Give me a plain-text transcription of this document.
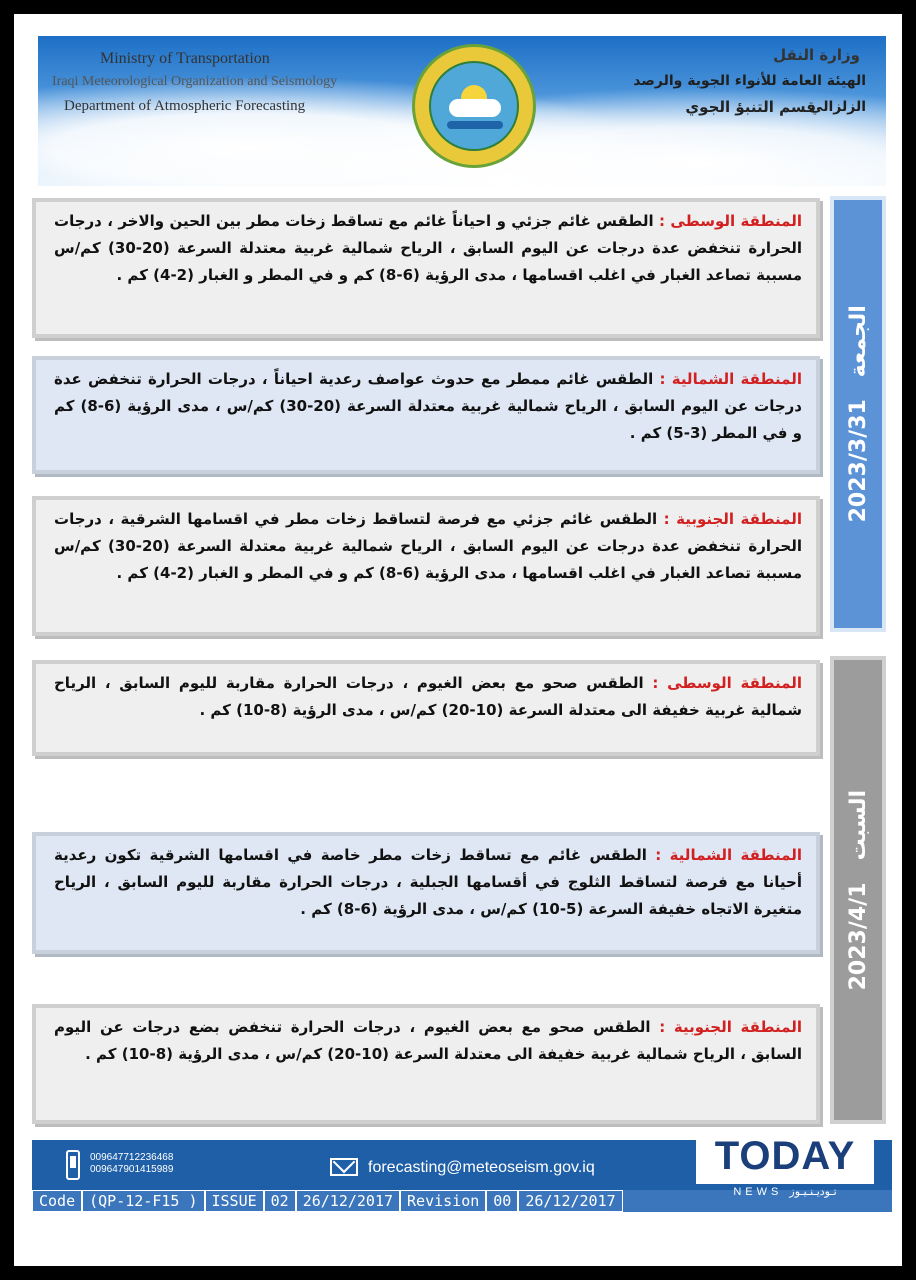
Ministry of Transportation
Iraqi Meteorological Organization and Seismology
Department of Atmospheric Forecasting
وزارة النقل
الهيئة العامة للأنواء الجوية والرصد الزلزالي
قسم التنبؤ الجوي
2023/3/31الجمعة
المنطقة الوسطى : الطقس غائم جزئي و احياناً غائم مع تساقط زخات مطر بين الحين والاخر ، درجات الحرارة تنخفض عدة درجات عن اليوم السابق ، الرياح شمالية غربية معتدلة السرعة (20-30) كم/س مسببة تصاعد الغبار في اغلب اقسامها ، مدى الرؤية (6-8) كم و في المطر و الغبار (2-4) كم .
المنطقة الشمالية : الطقس غائم ممطر مع حدوث عواصف رعدية احياناً ، درجات الحرارة تنخفض عدة درجات عن اليوم السابق ، الرياح شمالية غربية معتدلة السرعة (20-30) كم/س ، مدى الرؤية (6-8) كم و في المطر (3-5) كم .
المنطقة الجنوبية : الطقس غائم جزئي مع فرصة لتساقط زخات مطر في اقسامها الشرقية ، درجات الحرارة تنخفض عدة درجات عن اليوم السابق ، الرياح شمالية غربية معتدلة السرعة (20-30) كم/س مسببة تصاعد الغبار في اغلب اقسامها ، مدى الرؤية (6-8) كم و في المطر و الغبار (2-4) كم .
2023/4/1السبت
المنطقة الوسطى : الطقس صحو مع بعض الغيوم ، درجات الحرارة مقاربة لليوم السابق ، الرياح شمالية غربية خفيفة الى معتدلة السرعة (10-20) كم/س ، مدى الرؤية (8-10) كم .
المنطقة الشمالية : الطقس غائم مع تساقط زخات مطر خاصة في اقسامها الشرقية تكون رعدية أحيانا مع فرصة لتساقط الثلوج في أقسامها الجبلية ، درجات الحرارة مقاربة لليوم السابق ، الرياح متغيرة الاتجاه خفيفة السرعة (5-10) كم/س ، مدى الرؤية (6-8) كم .
المنطقة الجنوبية : الطقس صحو مع بعض الغيوم ، درجات الحرارة تنخفض بضع درجات عن اليوم السابق ، الرياح شمالية غربية خفيفة الى معتدلة السرعة (10-20) كم/س ، مدى الرؤية (8-10) كم .
009647712236468
009647901415989	forecasting@meteoseism.gov.iq
Code (QP-12-F15 ) ISSUE 02 26/12/2017 Revision 00 26/12/2017
TODAY
NEWS تـوديـنـيـوز
